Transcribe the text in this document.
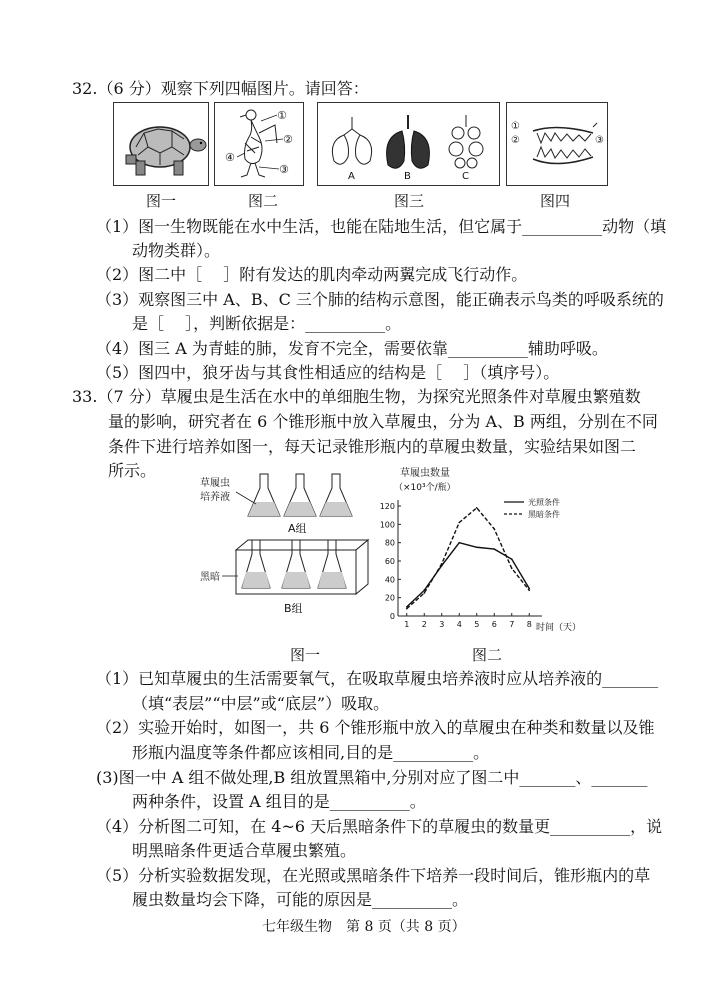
32.（6 分）观察下列四幅图片。请回答：
图一
①
②
③
④
图二
A	B	C
图三
①
②	③
图四
（1）图一生物既能在水中生活，也能在陆地生活，但它属于__________动物（填
动物类群）。
（2）图二中［　 ］附有发达的肌肉牵动两翼完成飞行动作。
（3）观察图三中 A、B、C 三个肺的结构示意图，能正确表示鸟类的呼吸系统的
是［　 ］，判断依据是：__________。
（4）图三 A 为青蛙的肺，发育不完全，需要依靠__________辅助呼吸。
（5）图四中，狼牙齿与其食性相适应的结构是［　 ］（填序号）。
33.（7 分）草履虫是生活在水中的单细胞生物，为探究光照条件对草履虫繁殖数
量的影响，研究者在 6 个锥形瓶中放入草履虫，分为 A、B 两组，分别在不同
条件下进行培养如图一，每天记录锥形瓶内的草履虫数量，实验结果如图二
所示。
草履虫
培养液
A组
黑暗
B组
图一
草履虫数量
（×10³个/瓶）
时间（天）
光照条件
黑暗条件
0
20
40
60
80
100
120
1 2 3 4 5 6 7 8
图二
（1）已知草履虫的生活需要氧气，在吸取草履虫培养液时应从培养液的_______
（填“表层”“中层”或“底层”）吸取。
（2）实验开始时，如图一，共 6 个锥形瓶中放入的草履虫在种类和数量以及锥
形瓶内温度等条件都应该相同,目的是__________。
(3)图一中 A 组不做处理,B 组放置黑箱中,分别对应了图二中_______、_______
两种条件，设置 A 组目的是__________。
（4）分析图二可知，在 4~6 天后黑暗条件下的草履虫的数量更__________，说
明黑暗条件更适合草履虫繁殖。
（5）分析实验数据发现，在光照或黑暗条件下培养一段时间后，锥形瓶内的草
履虫数量均会下降，可能的原因是__________。
七年级生物　第 8 页（共 8 页）
